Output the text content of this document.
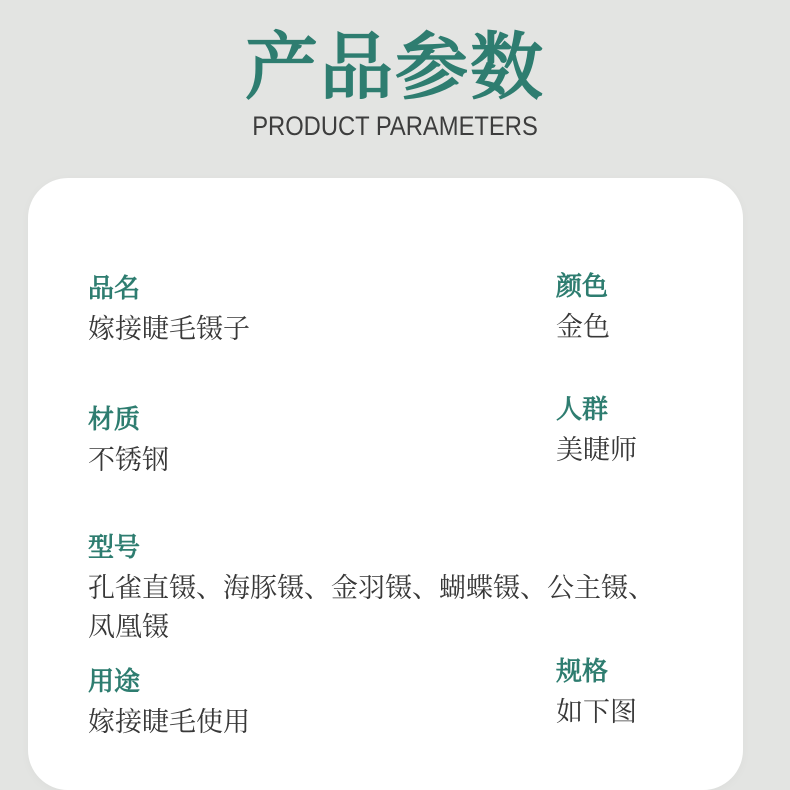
产品参数
PRODUCT PARAMETERS
品名
嫁接睫毛镊子
颜色
金色
材质
不锈钢
人群
美睫师
型号
孔雀直镊、海豚镊、金羽镊、蝴蝶镊、公主镊、凤凰镊
用途
嫁接睫毛使用
规格
如下图
